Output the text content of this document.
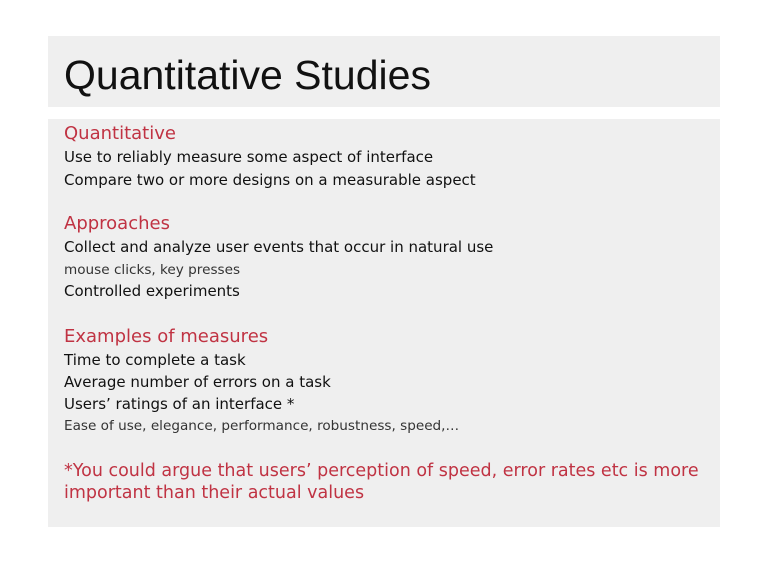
Quantitative Studies
Quantitative
Use to reliably measure some aspect of interface
Compare two or more designs on a measurable aspect
Approaches
Collect and analyze user events that occur in natural use
mouse clicks, key presses
Controlled experiments
Examples of measures
Time to complete a task
Average number of errors on a task
Users’ ratings of an interface *
Ease of use, elegance, performance, robustness, speed,…
*You could argue that users’ perception of speed, error rates etc is more
important than their actual values
